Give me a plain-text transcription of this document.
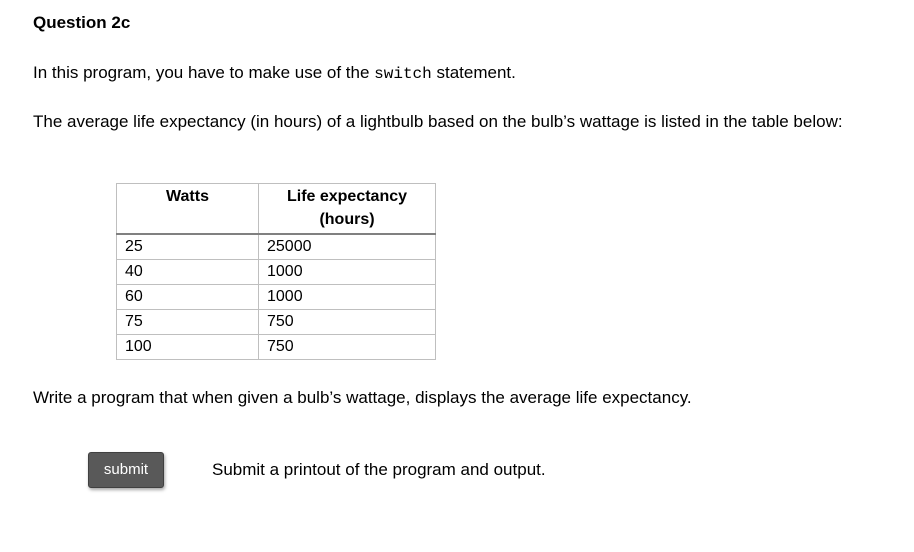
Question 2c
In this program, you have to make use of the switch statement.
The average life expectancy (in hours) of a lightbulb based on the bulb’s wattage is listed in the table below:
Watts	Life expectancy (hours)
25	25000
40	1000
60	1000
75	750
100	750
Write a program that when given a bulb’s wattage, displays the average life expectancy.
submit	Submit a printout of the program and output.
